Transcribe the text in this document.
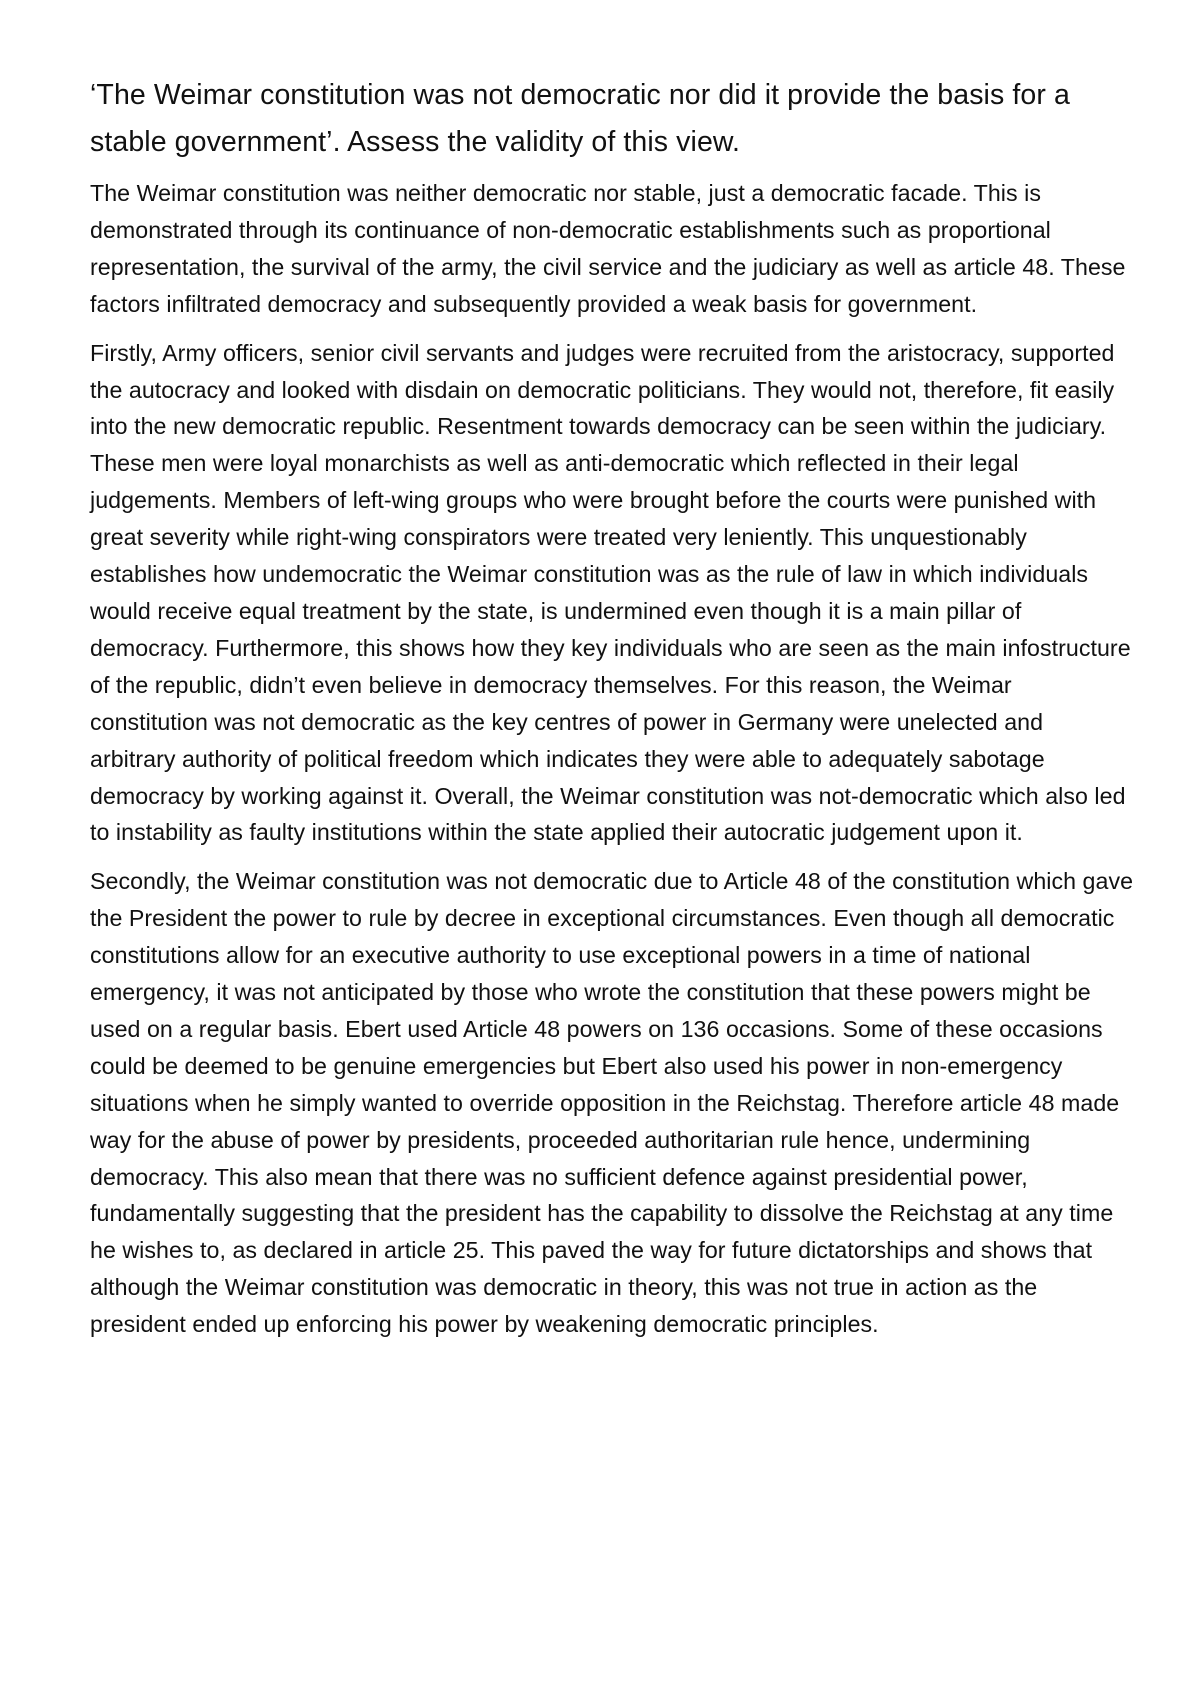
‘The Weimar constitution was not democratic nor did it provide the basis for a stable government’. Assess the validity of this view.

The Weimar constitution was neither democratic nor stable, just a democratic facade. This is demonstrated through its continuance of non-democratic establishments such as proportional representation, the survival of the army, the civil service and the judiciary as well as article 48. These factors infiltrated democracy and subsequently provided a weak basis for government.

Firstly, Army officers, senior civil servants and judges were recruited from the aristocracy, supported the autocracy and looked with disdain on democratic politicians. They would not, therefore, fit easily into the new democratic republic. Resentment towards democracy can be seen within the judiciary. These men were loyal monarchists as well as anti-democratic which reflected in their legal judgements. Members of left-wing groups who were brought before the courts were punished with great severity while right-wing conspirators were treated very leniently. This unquestionably establishes how undemocratic the Weimar constitution was as the rule of law in which individuals would receive equal treatment by the state, is undermined even though it is a main pillar of democracy. Furthermore, this shows how they key individuals who are seen as the main infostructure of the republic, didn’t even believe in democracy themselves. For this reason, the Weimar constitution was not democratic as the key centres of power in Germany were unelected and arbitrary authority of political freedom which indicates they were able to adequately sabotage democracy by working against it. Overall, the Weimar constitution was not-democratic which also led to instability as faulty institutions within the state applied their autocratic judgement upon it.

Secondly, the Weimar constitution was not democratic due to Article 48 of the constitution which gave the President the power to rule by decree in exceptional circumstances. Even though all democratic constitutions allow for an executive authority to use exceptional powers in a time of national emergency, it was not anticipated by those who wrote the constitution that these powers might be used on a regular basis. Ebert used Article 48 powers on 136 occasions. Some of these occasions could be deemed to be genuine emergencies but Ebert also used his power in non-emergency situations when he simply wanted to override opposition in the Reichstag. Therefore article 48 made way for the abuse of power by presidents, proceeded authoritarian rule hence, undermining democracy. This also mean that there was no sufficient defence against presidential power, fundamentally suggesting that the president has the capability to dissolve the Reichstag at any time he wishes to, as declared in article 25. This paved the way for future dictatorships and shows that although the Weimar constitution was democratic in theory, this was not true in action as the president ended up enforcing his power by weakening democratic principles.
